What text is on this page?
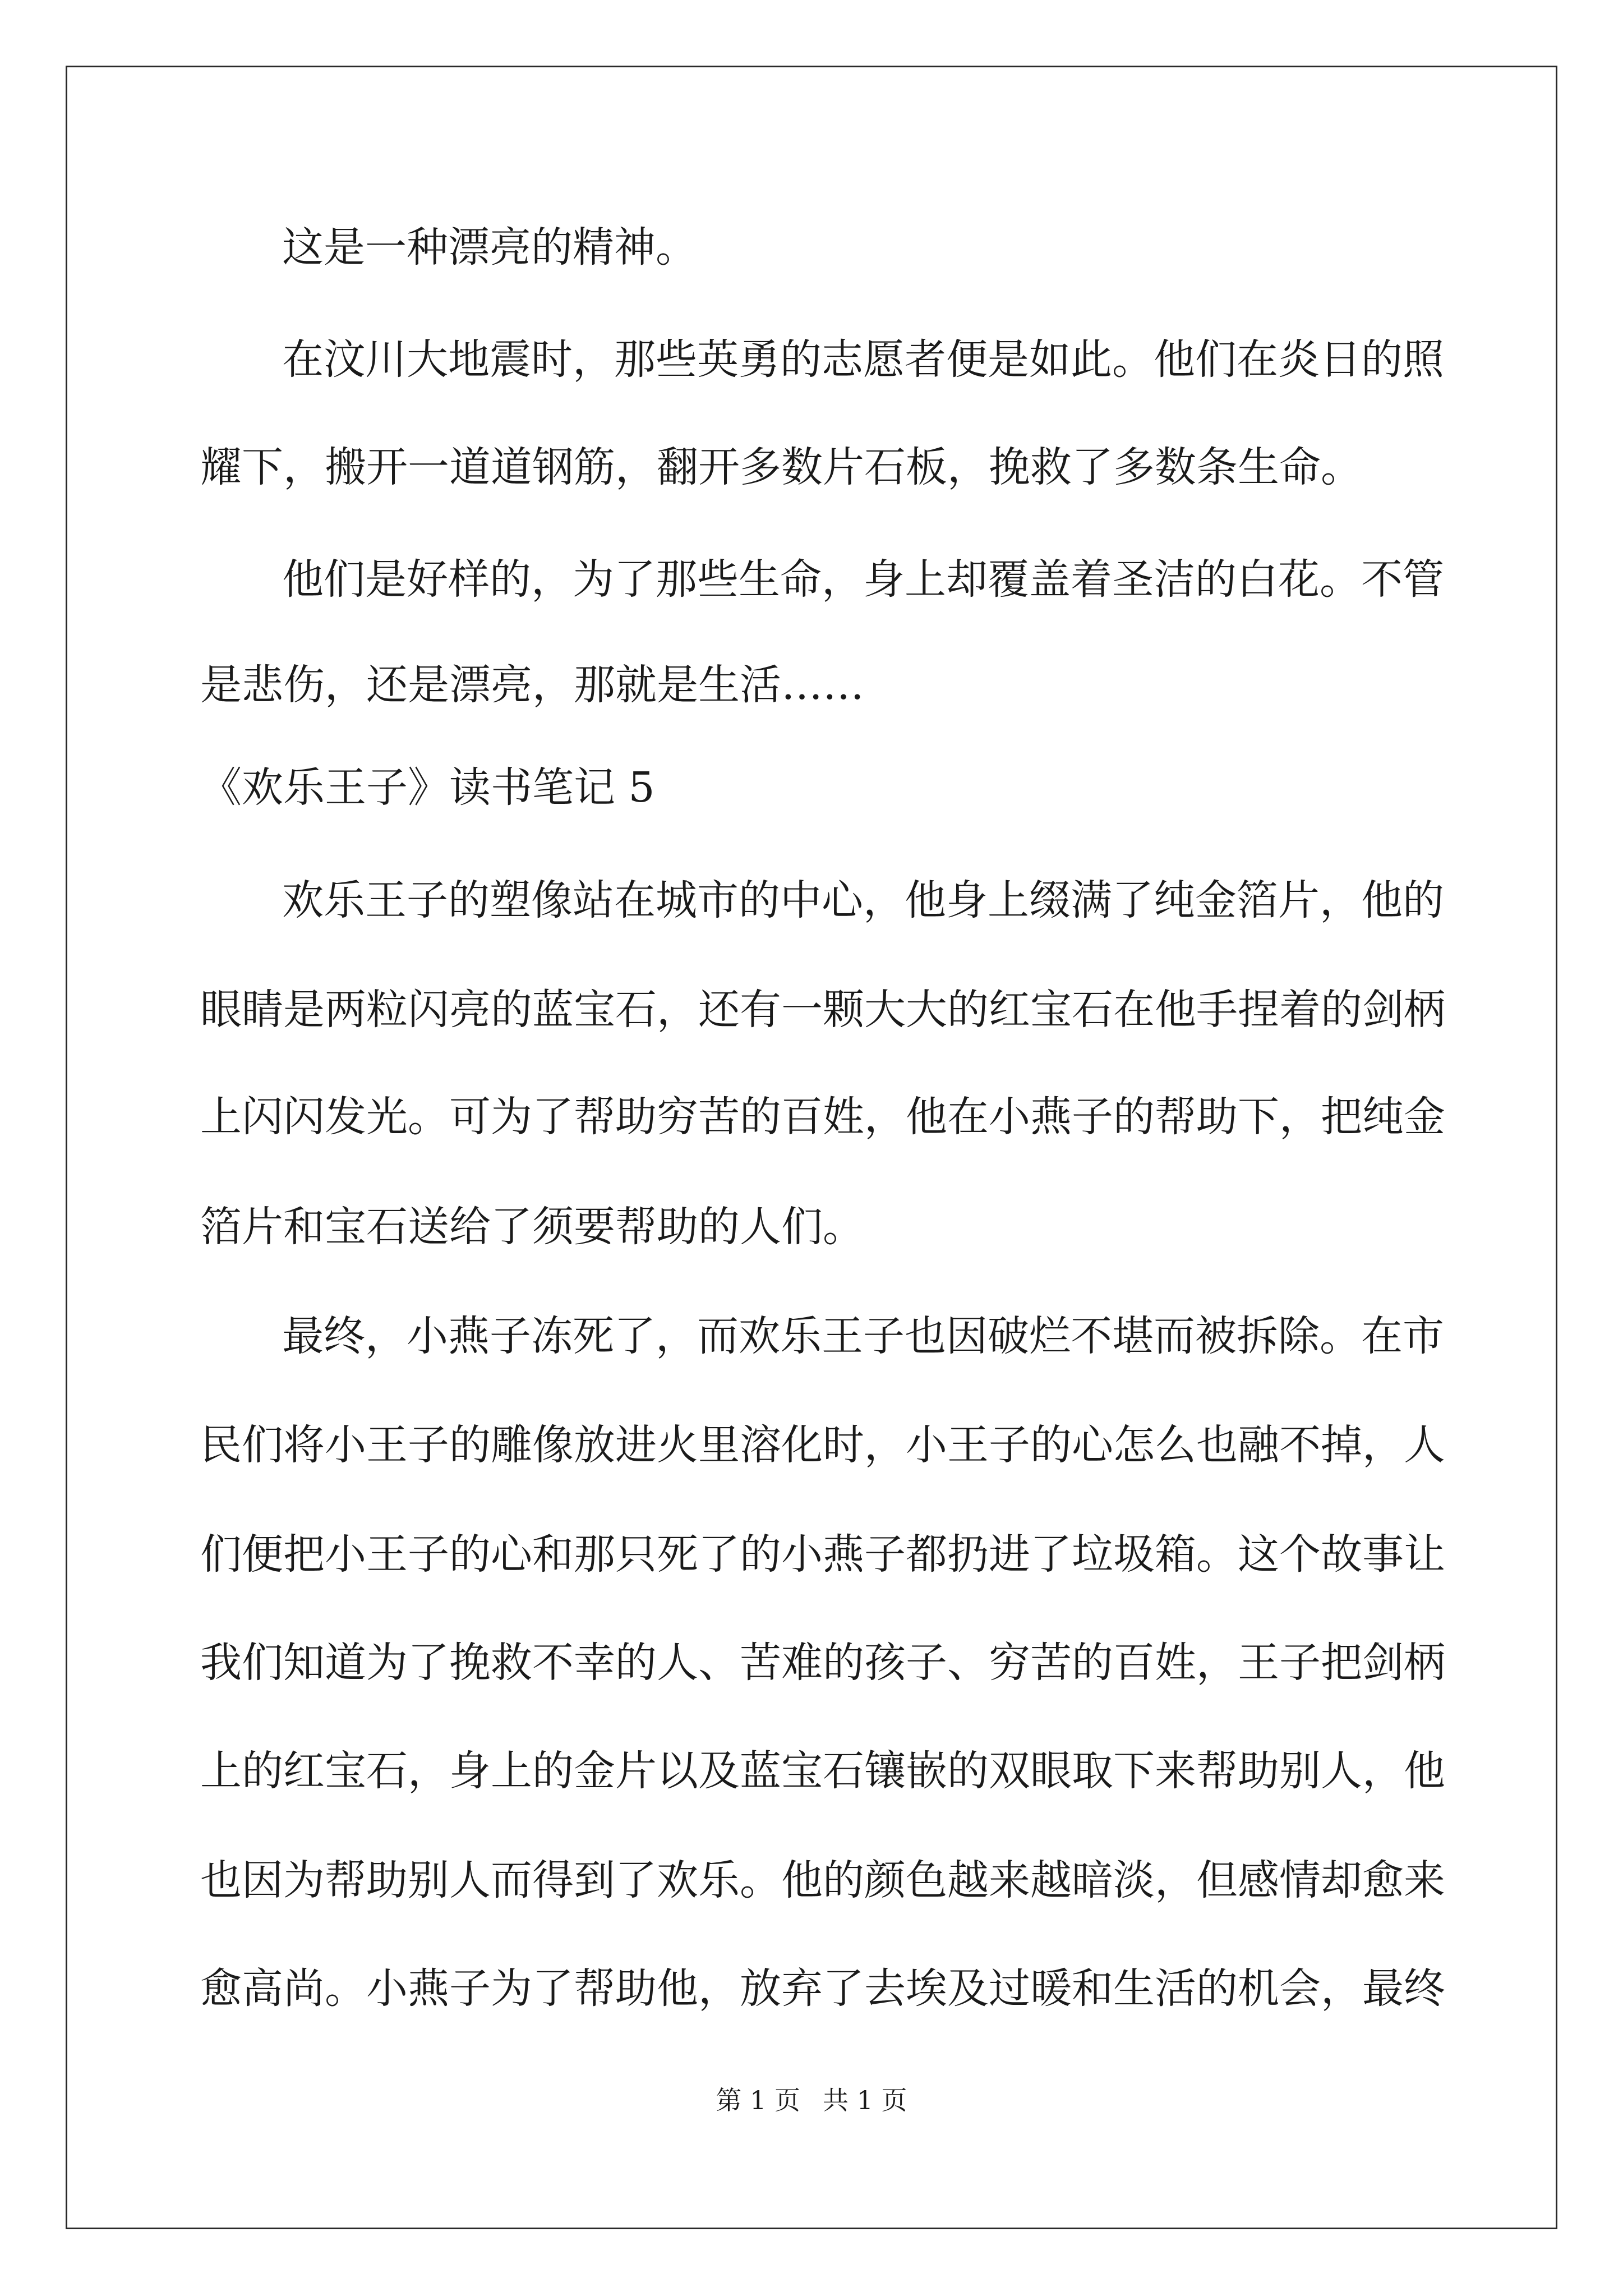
这是一种漂亮的精神。
在汶川大地震时，那些英勇的志愿者便是如此。他们在炎日的照
耀下，搬开一道道钢筋，翻开多数片石板，挽救了多数条生命。
他们是好样的，为了那些生命，身上却覆盖着圣洁的白花。不管
是悲伤，还是漂亮，那就是生活……
《欢乐王子》读书笔记 5
欢乐王子的塑像站在城市的中心，他身上缀满了纯金箔片，他的
眼睛是两粒闪亮的蓝宝石，还有一颗大大的红宝石在他手捏着的剑柄
上闪闪发光。可为了帮助穷苦的百姓，他在小燕子的帮助下，把纯金
箔片和宝石送给了须要帮助的人们。
最终，小燕子冻死了，而欢乐王子也因破烂不堪而被拆除。在市
民们将小王子的雕像放进火里溶化时，小王子的心怎么也融不掉，人
们便把小王子的心和那只死了的小燕子都扔进了垃圾箱。这个故事让
我们知道为了挽救不幸的人、苦难的孩子、穷苦的百姓，王子把剑柄
上的红宝石，身上的金片以及蓝宝石镶嵌的双眼取下来帮助别人，他
也因为帮助别人而得到了欢乐。他的颜色越来越暗淡，但感情却愈来
愈高尚。小燕子为了帮助他，放弃了去埃及过暖和生活的机会，最终
第 1 页 共 1 页
